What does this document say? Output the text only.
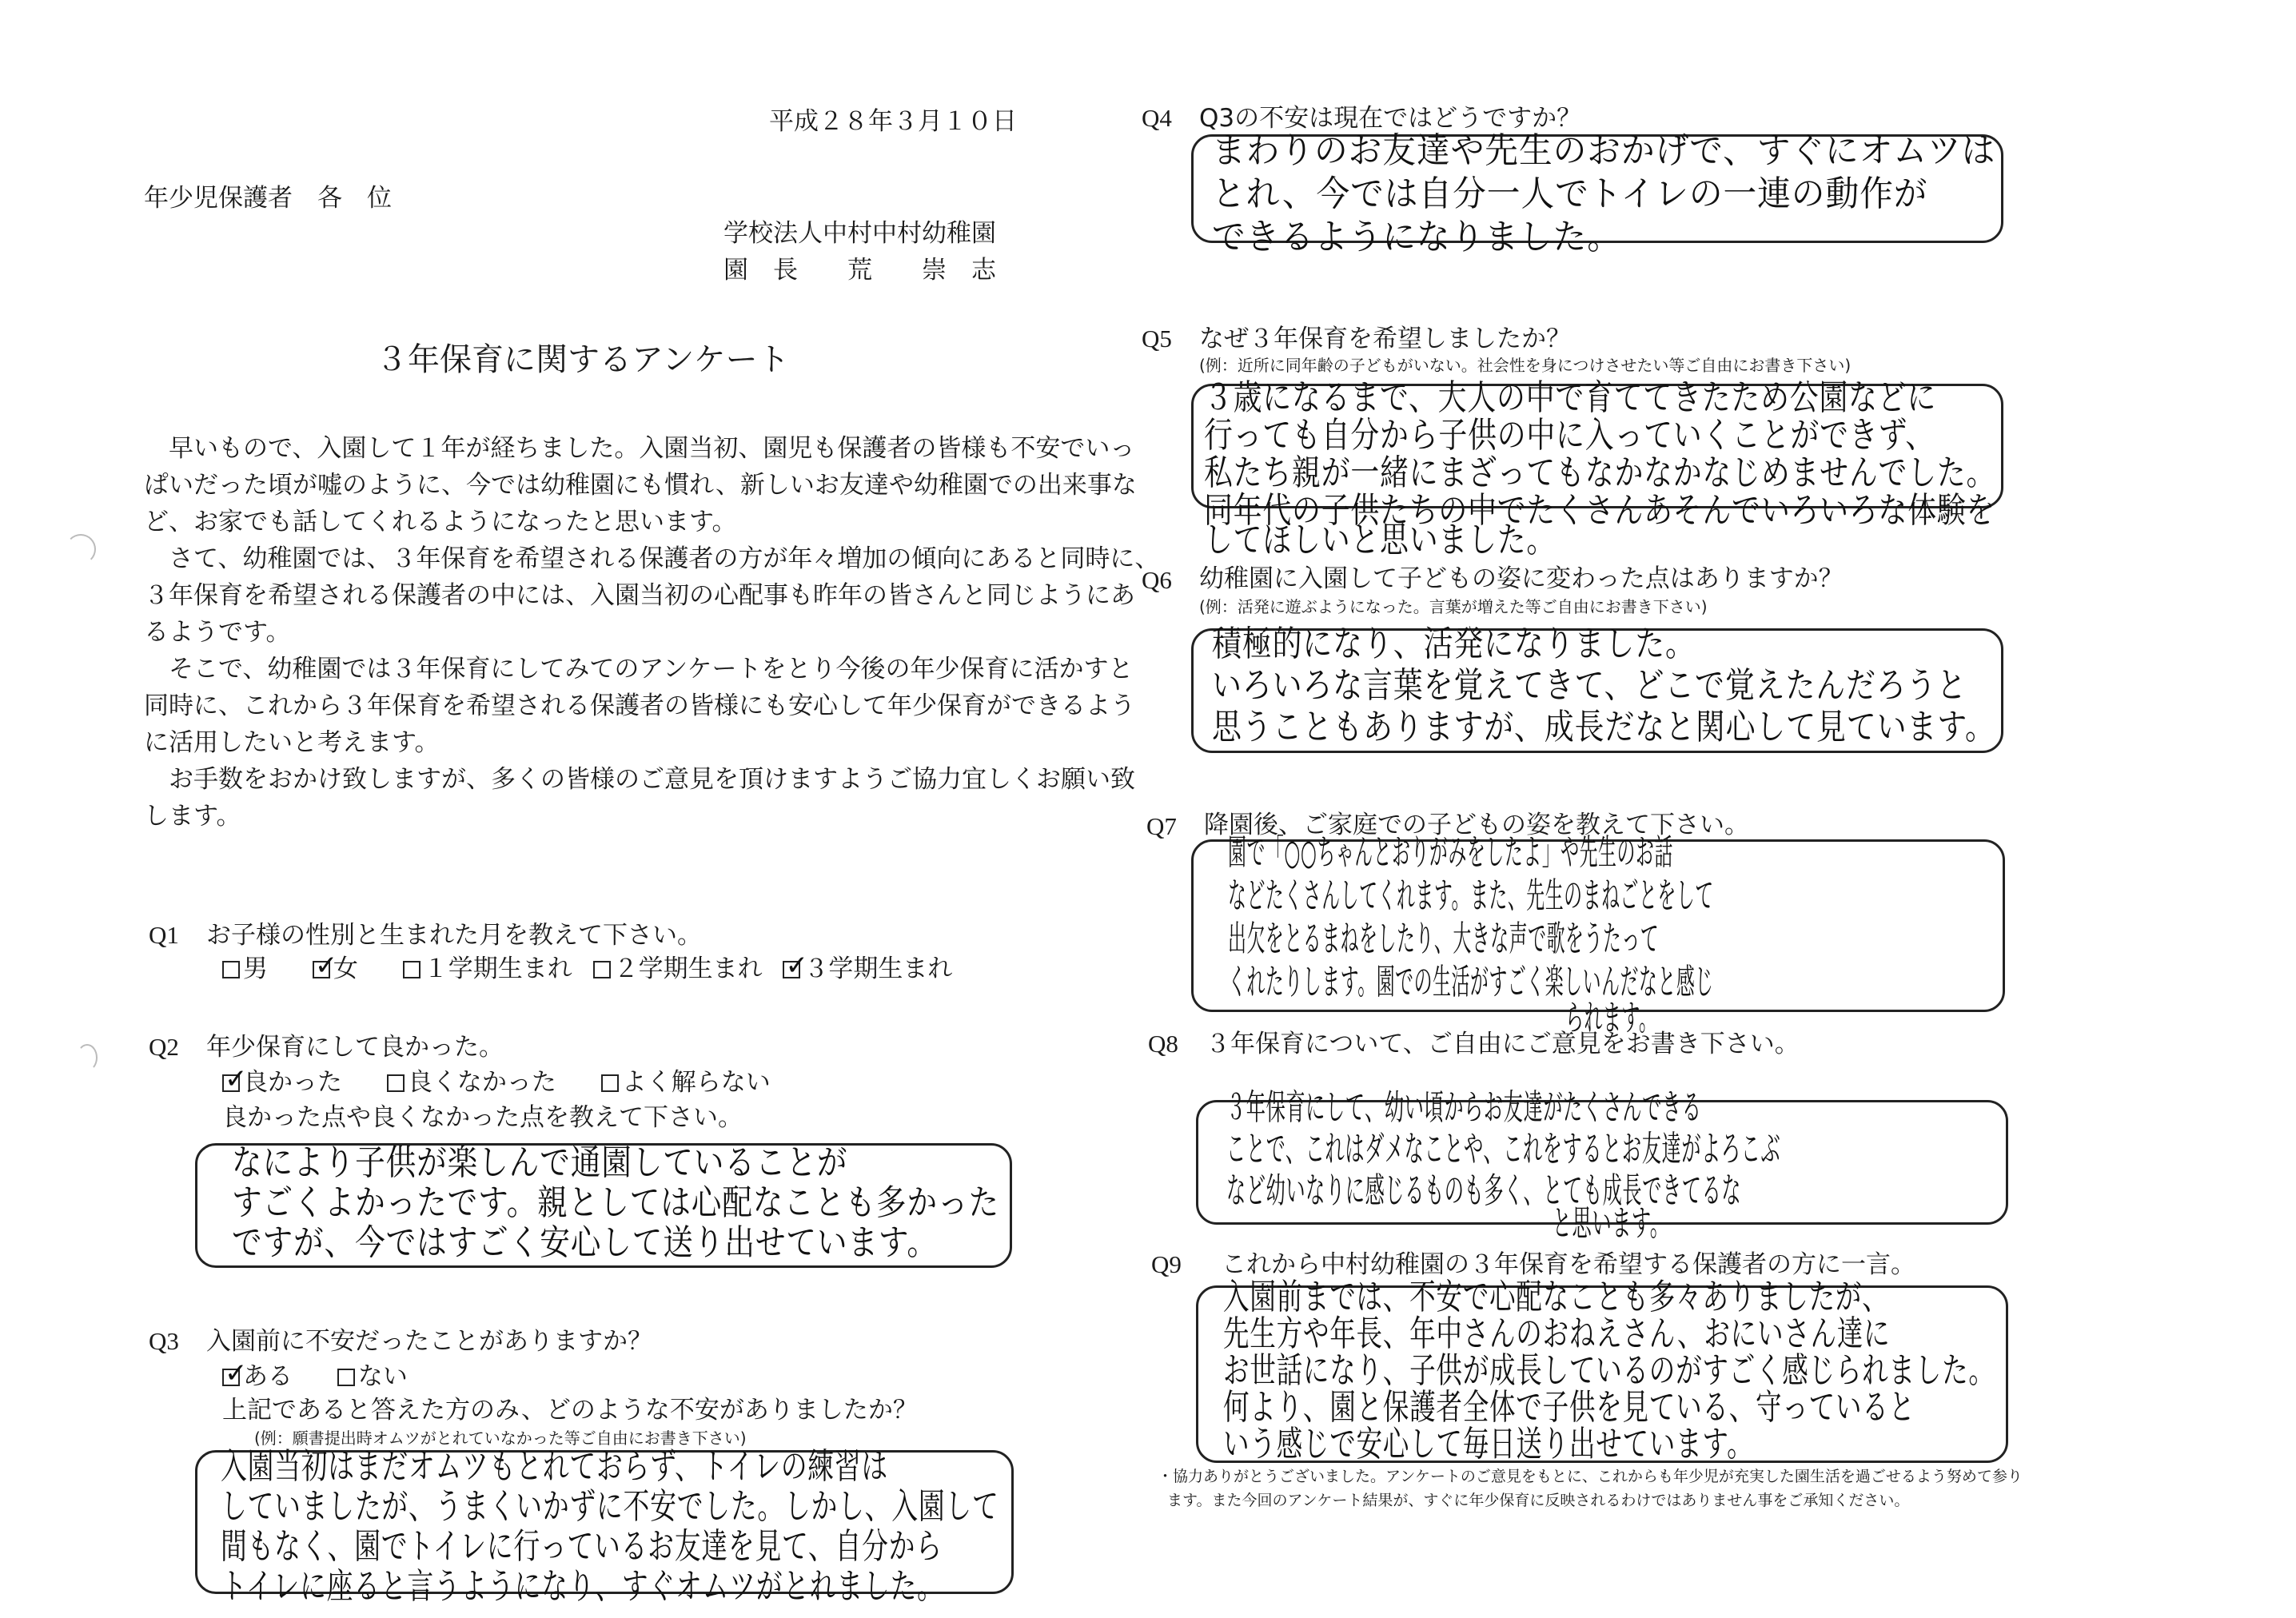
平成２８年３月１０日
年少児保護者　各　位
学校法人中村中村幼稚園
園　長　　荒　　崇　志
３年保育に関するアンケート
　早いもので、入園して１年が経ちました。入園当初、園児も保護者の皆様も不安でいっ
ぱいだった頃が嘘のように、今では幼稚園にも慣れ、新しいお友達や幼稚園での出来事な
ど、お家でも話してくれるようになったと思います。
　さて、幼稚園では、３年保育を希望される保護者の方が年々増加の傾向にあると同時に、
３年保育を希望される保護者の中には、入園当初の心配事も昨年の皆さんと同じようにあ
るようです。
　そこで、幼稚園では３年保育にしてみてのアンケートをとり今後の年少保育に活かすと
同時に、これから３年保育を希望される保護者の皆様にも安心して年少保育ができるよう
に活用したいと考えます。
　お手数をおかけ致しますが、多くの皆様のご意見を頂けますようご協力宜しくお願い致
します。
Q1 お子様の性別と生まれた月を教えて下さい。
男 ✓	女	１学期生まれ ２学期生まれ ✓ ３学期生まれ
Q2 年少保育にして良かった。
✓良かった	良くなかった	よく解らない
良かった点や良くなかった点を教えて下さい。
なにより子供が楽しんで通園していることが
すごくよかったです。親としては心配なことも多かった
ですが、今ではすごく安心して送り出せています。
Q3 入園前に不安だったことがありますか？
✓ある	ない
上記であると答えた方のみ、どのような不安がありましたか？
(例：願書提出時オムツがとれていなかった等ご自由にお書き下さい)
入園当初はまだオムツもとれておらず、トイレの練習は
していましたが、うまくいかずに不安でした。しかし、入園して
間もなく、園でトイレに行っているお友達を見て、自分から
トイレに座ると言うようになり、すぐオムツがとれました。
Q4 Q3の不安は現在ではどうですか？
まわりのお友達や先生のおかげで、すぐにオムツは
とれ、今では自分一人でトイレの一連の動作が
できるようになりました。
Q5 なぜ３年保育を希望しましたか？
(例：近所に同年齢の子どもがいない。社会性を身につけさせたい等ご自由にお書き下さい)
３歳になるまで、大人の中で育ててきたため公園などに
行っても自分から子供の中に入っていくことができず、
私たち親が一緒にまざってもなかなかなじめませんでした。
同年代の子供たちの中でたくさんあそんでいろいろな体験を
してほしいと思いました。
Q6 幼稚園に入園して子どもの姿に変わった点はありますか？
(例：活発に遊ぶようになった。言葉が増えた等ご自由にお書き下さい)
積極的になり、活発になりました。
いろいろな言葉を覚えてきて、どこで覚えたんだろうと
思うこともありますが、成長だなと関心して見ています。
Q7 降園後、ご家庭での子どもの姿を教えて下さい。
園で「○○ちゃんとおりがみをしたよ」や先生のお話
などたくさんしてくれます。また、先生のまねごとをして
出欠をとるまねをしたり、大きな声で歌をうたって
くれたりします。園での生活がすごく楽しいんだなと感じ
られます。
Q8 ３年保育について、ご自由にご意見をお書き下さい。
３年保育にして、幼い頃からお友達がたくさんできる
ことで、これはダメなことや、これをするとお友達がよろこぶ
など幼いなりに感じるものも多く、とても成長できてるな
と思います。
Q9 これから中村幼稚園の３年保育を希望する保護者の方に一言。
入園前までは、不安で心配なことも多々ありましたが、
先生方や年長、年中さんのおねえさん、おにいさん達に
お世話になり、子供が成長しているのがすごく感じられました。
何より、園と保護者全体で子供を見ている、守っていると
いう感じで安心して毎日送り出せています。
・協力ありがとうございました。アンケートのご意見をもとに、これからも年少児が充実した園生活を過ごせるよう努めて参り
ます。また今回のアンケート結果が、すぐに年少保育に反映されるわけではありません事をご承知ください。
